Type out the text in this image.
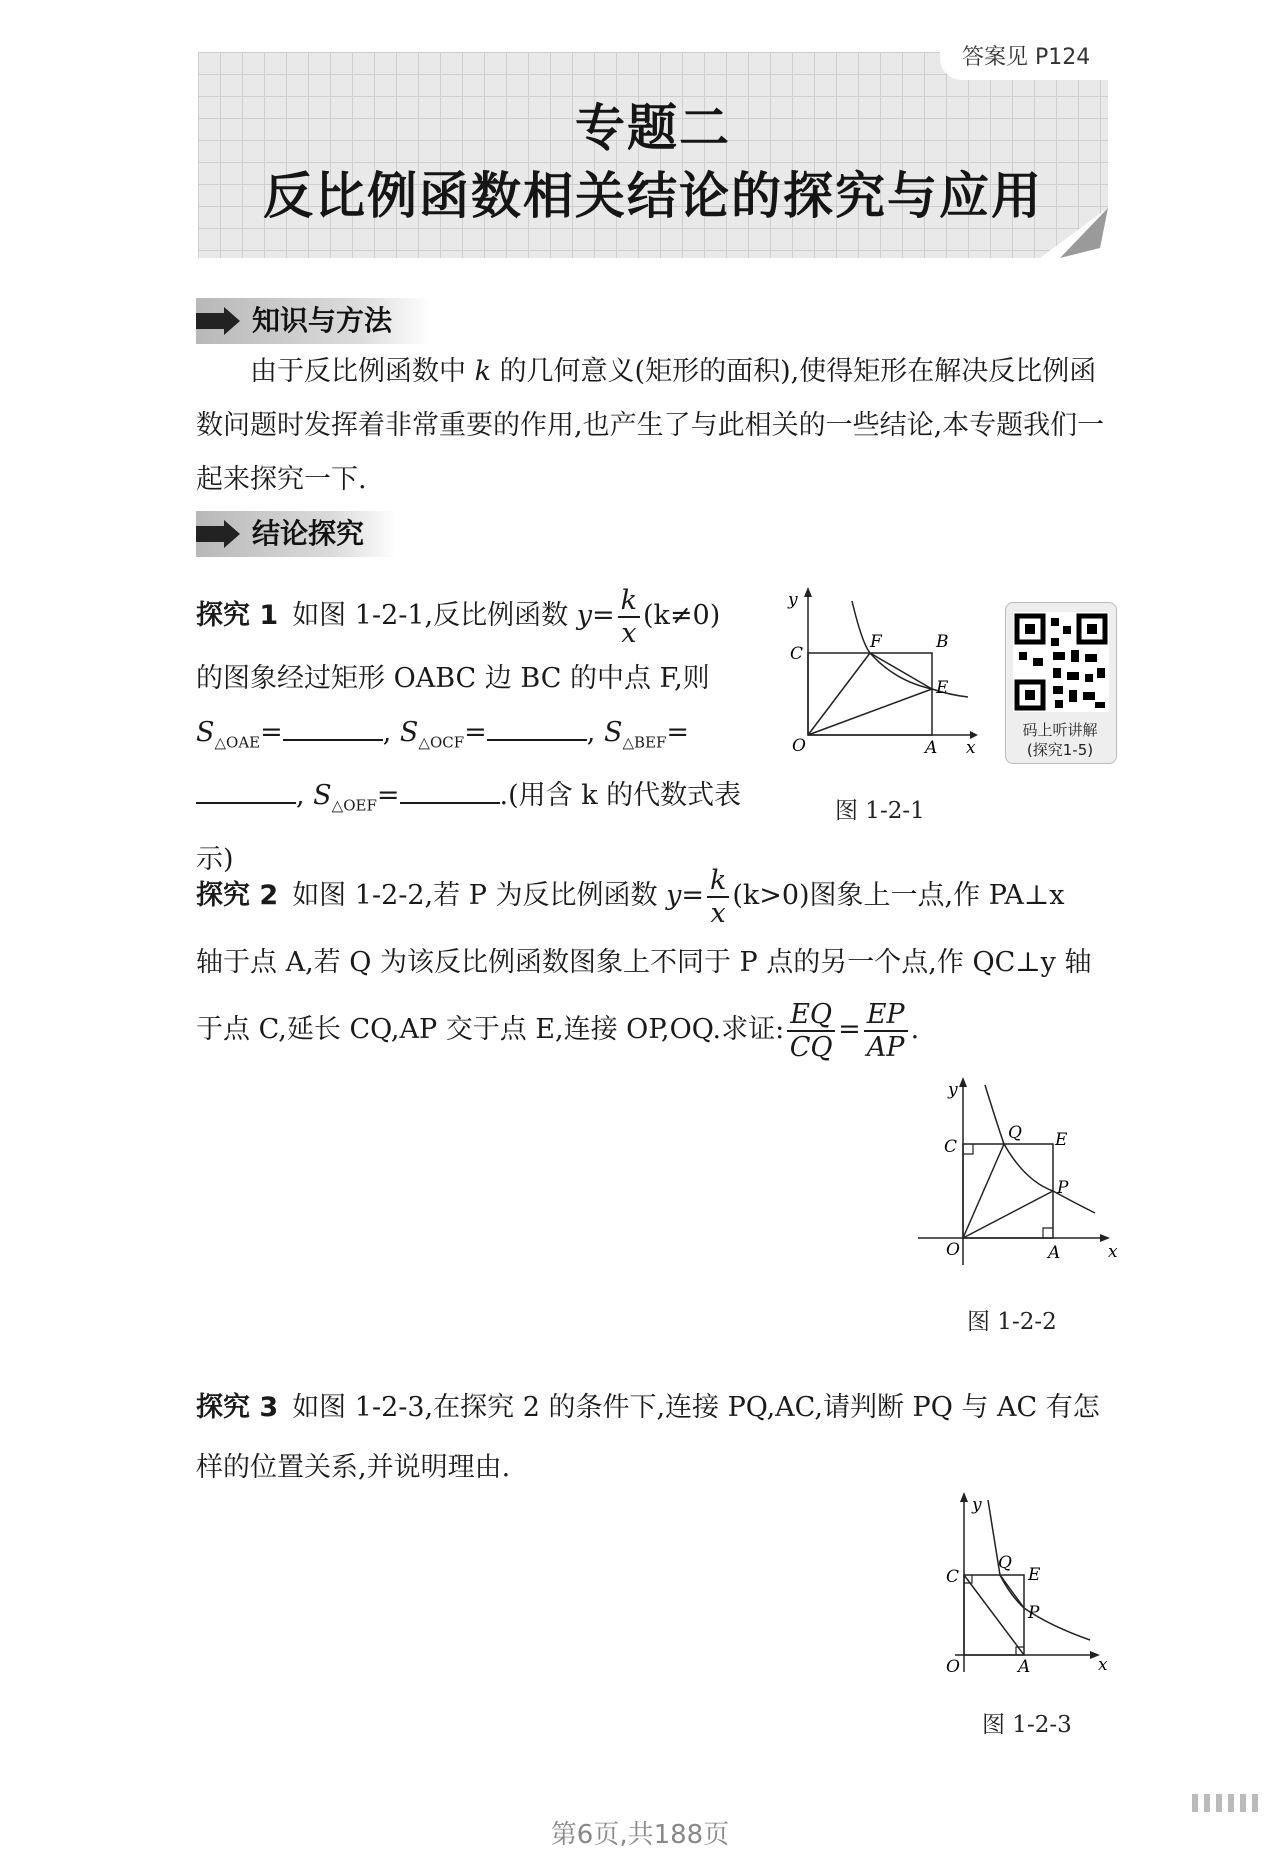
答案见 P124
专题二
反比例函数相关结论的探究与应用
知识与方法
由于反比例函数中 k 的几何意义(矩形的面积),使得矩形在解决反比例函数问题时发挥着非常重要的作用,也产生了与此相关的一些结论,本专题我们一起来探究一下.
结论探究
探究 1 如图 1-2-1,反比例函数 $y= \frac{k}{x} (k\ne 0)$
的图象经过矩形 OABC 边 BC 的中点 F,则
$S_{\triangle OAE}=$	, $S_{\triangle OCF}=$	, $S_{\triangle BEF}=$
, $S_{\triangle OEF}=$	.(用含 k 的代数式表示)
y
x
O	A
B
C
E
F
图 1-2-1
码上听讲解
(探究1-5)
探究 2 如图 1-2-2,若 P 为反比例函数 $y= \frac{k}{x} (k>0)$图象上一点,作 PA⊥x
轴于点 A,若 Q 为该反比例函数图象上不同于 P 点的另一个点,作 QC⊥y 轴
于点 C,延长 CQ,AP 交于点 E,连接 OP,OQ.求证: $\frac{EQ}{CQ} = \frac{EP}{AP}$ .
y
x
O	A
C	E
P
Q
图 1-2-2
探究 3 如图 1-2-3,在探究 2 的条件下,连接 PQ,AC,请判断 PQ 与 AC 有怎样的位置关系,并说明理由.
y
x
O	A
C	E
P
Q
图 1-2-3
第6页,共188页
